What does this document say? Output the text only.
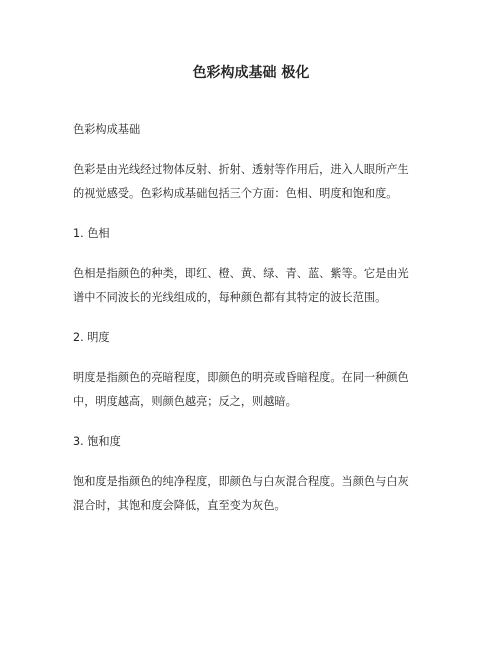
色彩构成基础 极化

色彩构成基础

色彩是由光线经过物体反射、折射、透射等作用后，进入人眼所产生

的视觉感受。色彩构成基础包括三个方面：色相、明度和饱和度。

1. 色相

色相是指颜色的种类，即红、橙、黄、绿、青、蓝、紫等。它是由光

谱中不同波长的光线组成的，每种颜色都有其特定的波长范围。

2. 明度

明度是指颜色的亮暗程度，即颜色的明亮或昏暗程度。在同一种颜色

中，明度越高，则颜色越亮；反之，则越暗。

3. 饱和度

饱和度是指颜色的纯净程度，即颜色与白灰混合程度。当颜色与白灰

混合时，其饱和度会降低，直至变为灰色。
